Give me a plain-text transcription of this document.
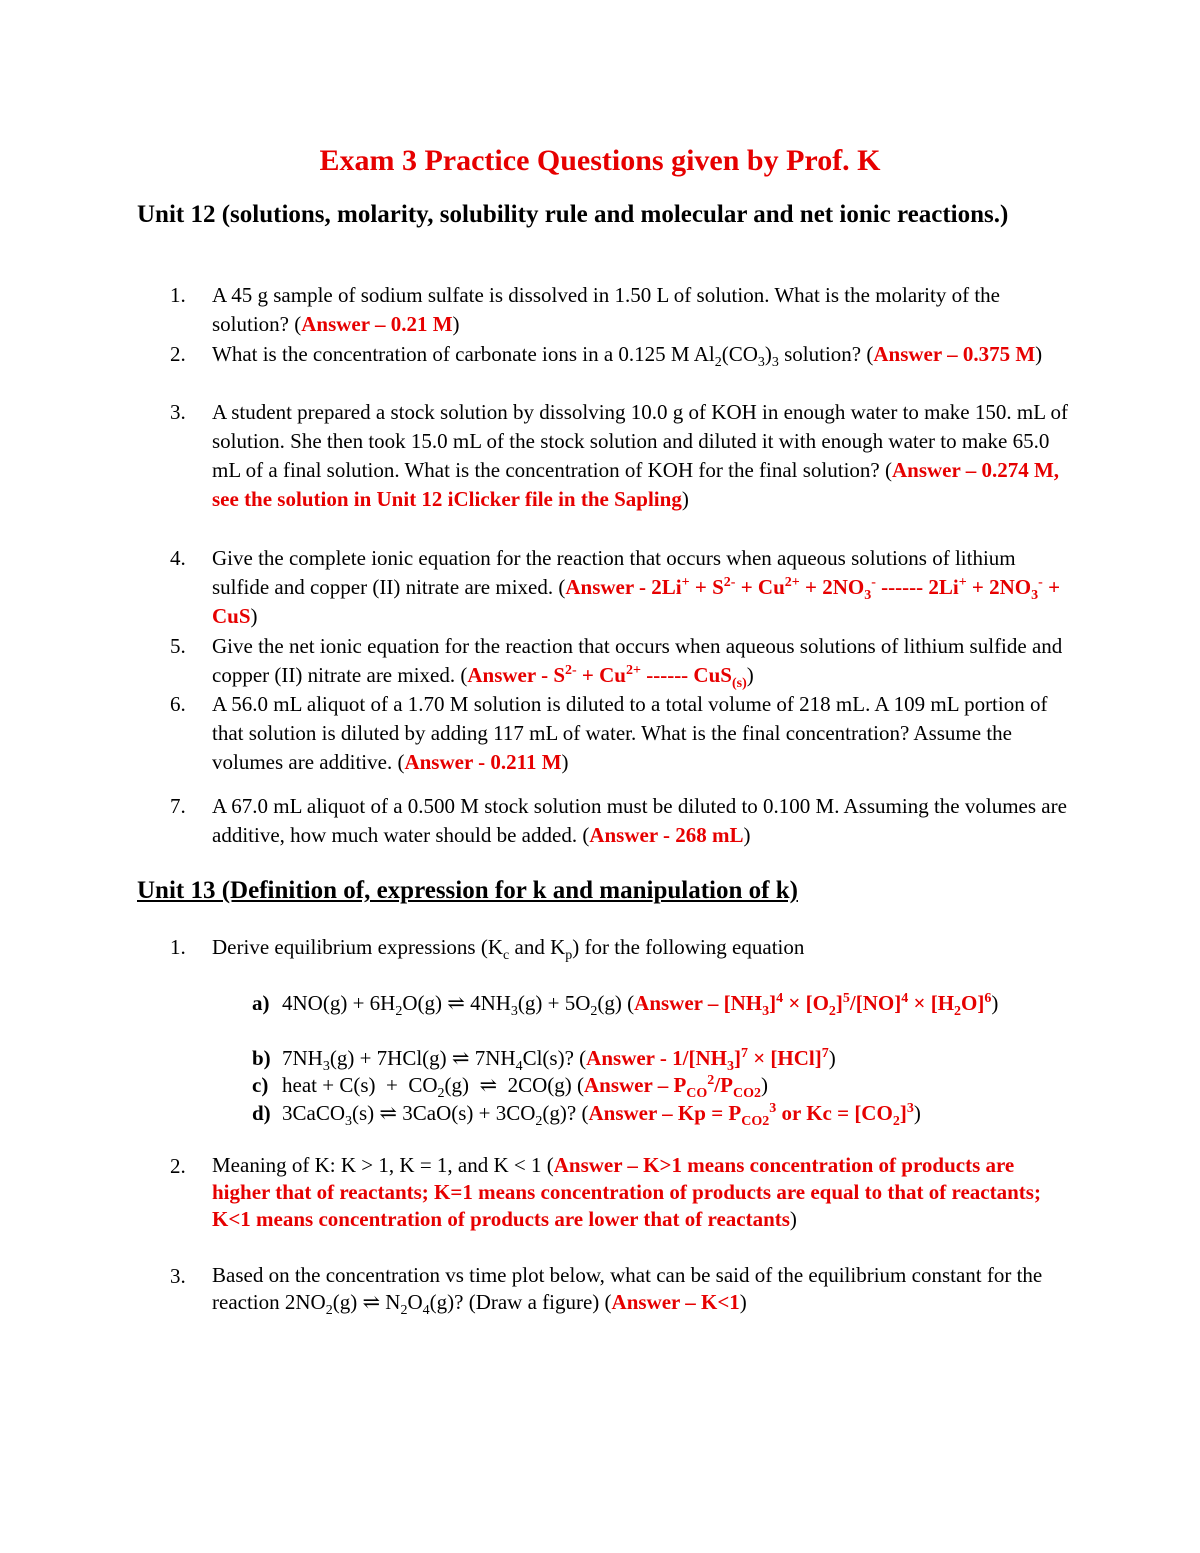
Exam 3 Practice Questions given by Prof. K
Unit 12 (solutions, molarity, solubility rule and molecular and net ionic reactions.)
1.	A 45 g sample of sodium sulfate is dissolved in 1.50 L of solution. What is the molarity of the solution? (Answer – 0.21 M)
2.	What is the concentration of carbonate ions in a 0.125 M $Al_2(CO_3)_3$ solution? (Answer – 0.375 M)
3.	A student prepared a stock solution by dissolving 10.0 g of KOH in enough water to make 150. mL of solution. She then took 15.0 mL of the stock solution and diluted it with enough water to make 65.0 mL of a final solution. What is the concentration of KOH for the final solution? (Answer – 0.274 M, see the solution in Unit 12 iClicker file in the Sapling)
4.	Give the complete ionic equation for the reaction that occurs when aqueous solutions of lithium sulfide and copper (II) nitrate are mixed. (Answer - $2Li^+ + S^{2-} + Cu^{2+} + 2NO_3^-$ ------ $2Li^+ + 2NO_3^- + CuS$)
5.	Give the net ionic equation for the reaction that occurs when aqueous solutions of lithium sulfide and copper (II) nitrate are mixed. (Answer - $S^{2-} + Cu^{2+}$ ------ CuS$_{(s)}$)
6.	A 56.0 mL aliquot of a 1.70 M solution is diluted to a total volume of 218 mL. A 109 mL portion of that solution is diluted by adding 117 mL of water. What is the final concentration? Assume the volumes are additive. (Answer - 0.211 M)
7.	A 67.0 mL aliquot of a 0.500 M stock solution must be diluted to 0.100 M. Assuming the volumes are additive, how much water should be added. (Answer - 268 mL)
Unit 13 (Definition of, expression for k and manipulation of k)
1.	Derive equilibrium expressions ($K_c$ and $K_p$) for the following equation
a) $4NO(g) + 6H_2O(g)$ ⇌ $4NH_3(g) + 5O_2(g)$ (Answer – $[NH_3]^4 \times [O_2]^5/[NO]^4 \times [H_2O]^6$)
b) $7NH_3(g) + 7HCl(g)$ ⇌ $7NH_4Cl(s)$? (Answer - $1/[NH_3]^7 \times [HCl]^7$)
c) heat + $C(s) + CO_2(g)$  ⇌  2CO(g) (Answer – $P_{CO}^2/P_{CO2}$)
d) 3CaCO$_3$(s) ⇌ $3CaO(s) + 3CO_2(g)$? (Answer – $Kp = P_{CO2}^3$ or $Kc = [CO_2]^3$)
2.	Meaning of K: K > 1, K = 1, and K < 1 (Answer – K>1 means concentration of products are higher that of reactants; K=1 means concentration of products are equal to that of reactants; K<1 means concentration of products are lower that of reactants)
3.	Based on the concentration vs time plot below, what can be said of the equilibrium constant for the reaction $2NO_2(g)$ ⇌ $N_2O_4(g)$? (Draw a figure) (Answer – K<1)
